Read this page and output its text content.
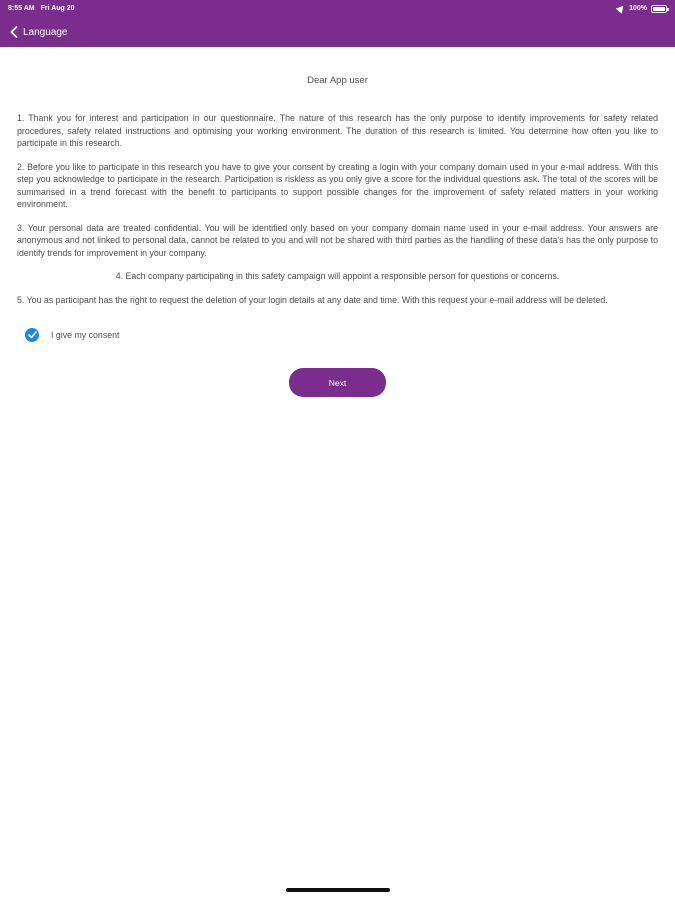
8:55 AM Fri Aug 20	100%
Language
Dear App user

1. Thank you for interest and participation in our questionnaire. The nature of this research has the only purpose to identify improvements for safety related procedures, safety related instructions and optimising your working environment. The duration of this research is limited. You determine how often you like to participate in this research.

2. Before you like to participate in this research you have to give your consent by creating a login with your company domain used in your e-mail address. With this step you acknowledge to participate in the research. Participation is riskless as you only give a score for the individual questions ask. The total of the scores will be summarised in a trend forecast with the benefit to participants to support possible changes for the improvement of safety related matters in your working environment.

3. Your personal data are treated confidential. You will be identified only based on your company domain name used in your e-mail address. Your answers are anonymous and not linked to personal data, cannot be related to you and will not be shared with third parties as the handling of these data's has the only purpose to identify trends for improvement in your company.

4. Each company participating in this safety campaign will appoint a responsible person for questions or concerns.

5. You as participant has the right to request the deletion of your login details at any date and time. With this request your e-mail address will be deleted.

I give my consent
Next
